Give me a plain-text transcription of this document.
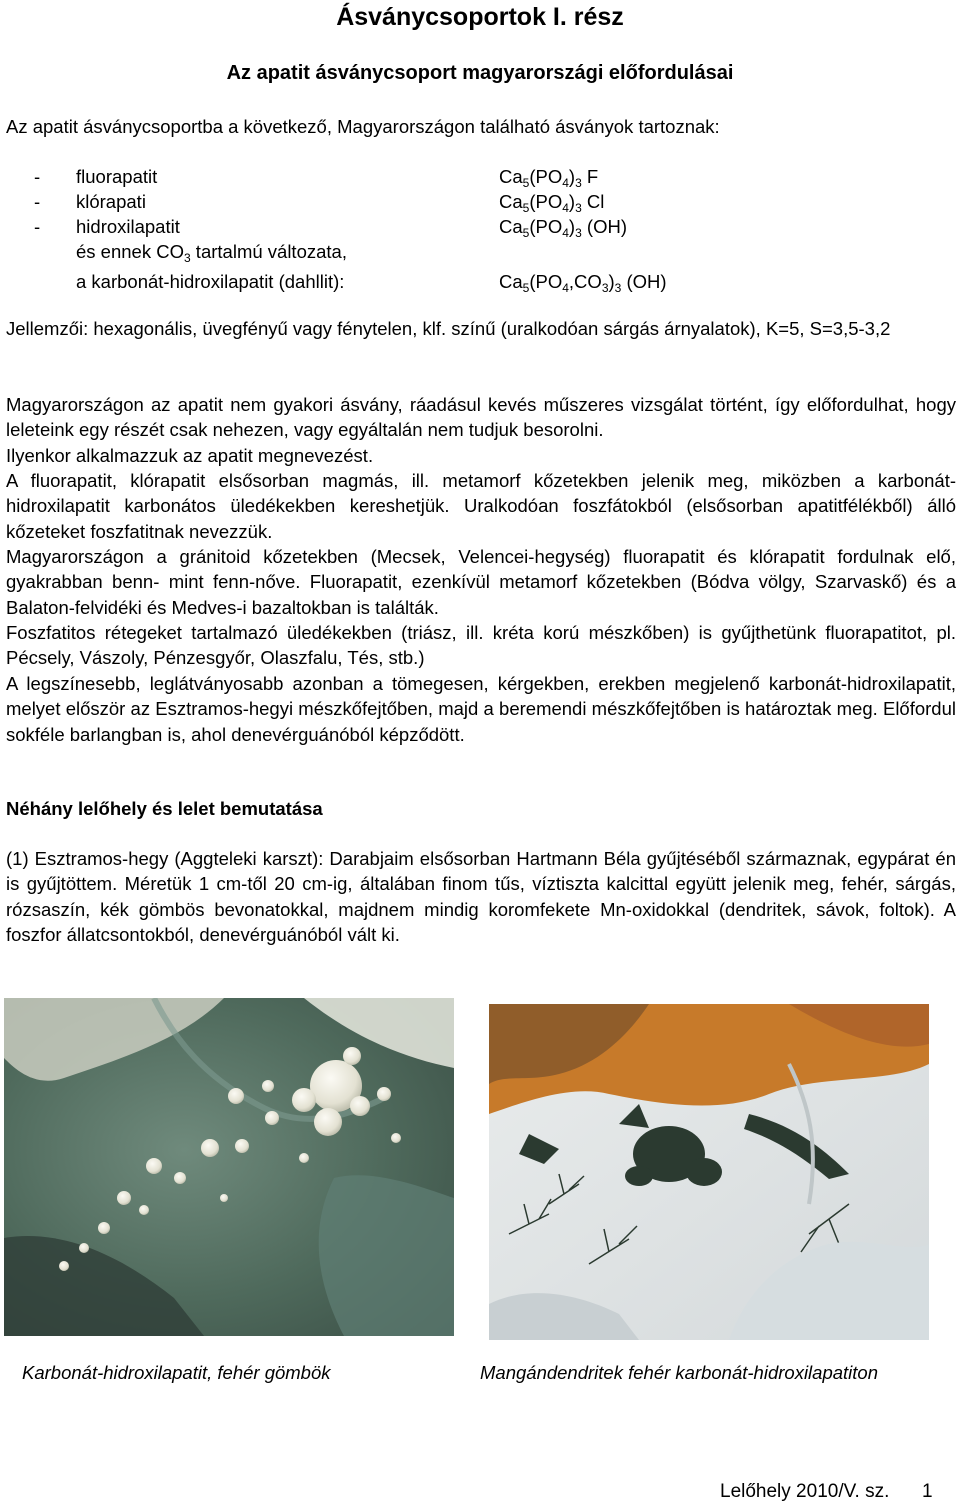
Ásványcsoportok I. rész
Az apatit ásványcsoport magyarországi előfordulásai

Az apatit ásványcsoportba a következő, Magyarországon található ásványok tartoznak:

-	fluorapatit	$Ca_5(PO_4)_3$ F
-	klórapati	$Ca_5(PO_4)_3$ Cl
-	hidroxilapatit	$Ca_5(PO_4)_3$ (OH)
és ennek $CO_3$ tartalmú változata,
a karbonát-hidroxilapatit (dahllit):	$Ca_5(PO_4,CO_3)_3$ (OH)

Jellemzői: hexagonális, üvegfényű vagy fénytelen, klf. színű (uralkodóan sárgás árnyalatok), K=5, S=3,5-3,2

Magyarországon az apatit nem gyakori ásvány, ráadásul kevés műszeres vizsgálat történt, így előfordulhat, hogy leleteink egy részét csak nehezen, vagy egyáltalán nem tudjuk besorolni.

Ilyenkor alkalmazzuk az apatit megnevezést.

A fluorapatit, klórapatit elsősorban magmás, ill. metamorf kőzetekben jelenik meg, miközben a karbonát-hidroxilapatit karbonátos üledékekben kereshetjük. Uralkodóan foszfátokból (elsősorban apatitfélékből) álló kőzeteket foszfatitnak nevezzük.

Magyarországon a gránitoid kőzetekben (Mecsek, Velencei-hegység) fluorapatit és klórapatit fordulnak elő, gyakrabban benn- mint fenn-nőve. Fluorapatit, ezenkívül metamorf kőzetekben (Bódva völgy, Szarvaskő) és a Balaton-felvidéki és Medves-i bazaltokban is találták.

Foszfatitos rétegeket tartalmazó üledékekben (triász, ill. kréta korú mészkőben) is gyűjthetünk fluorapatitot, pl. Pécsely, Vászoly, Pénzesgyőr, Olaszfalu, Tés, stb.)

A legszínesebb, leglátványosabb azonban a tömegesen, kérgekben, erekben megjelenő karbonát-hidroxilapatit, melyet először az Esztramos-hegyi mészkőfejtőben, majd a beremendi mészkőfejtőben is határoztak meg. Előfordul sokféle barlangban is, ahol denevérguánóból képződött.

Néhány lelőhely és lelet bemutatása

(1) Esztramos-hegy (Aggteleki karszt): Darabjaim elsősorban Hartmann Béla gyűjtéséből származnak, egypárat én is gyűjtöttem. Méretük 1 cm-től 20 cm-ig, általában finom tűs, víztiszta kalcittal együtt jelenik meg, fehér, sárgás, rózsaszín, kék gömbös bevonatokkal, majdnem mindig koromfekete Mn-oxidokkal (dendritek, sávok, foltok). A foszfor állatcsontokból, denevérguánóból vált ki.

Karbonát-hidroxilapatit, fehér gömbök	Mangándendritek fehér karbonát-hidroxilapatiton
Lelőhely 2010/V. sz. 1
